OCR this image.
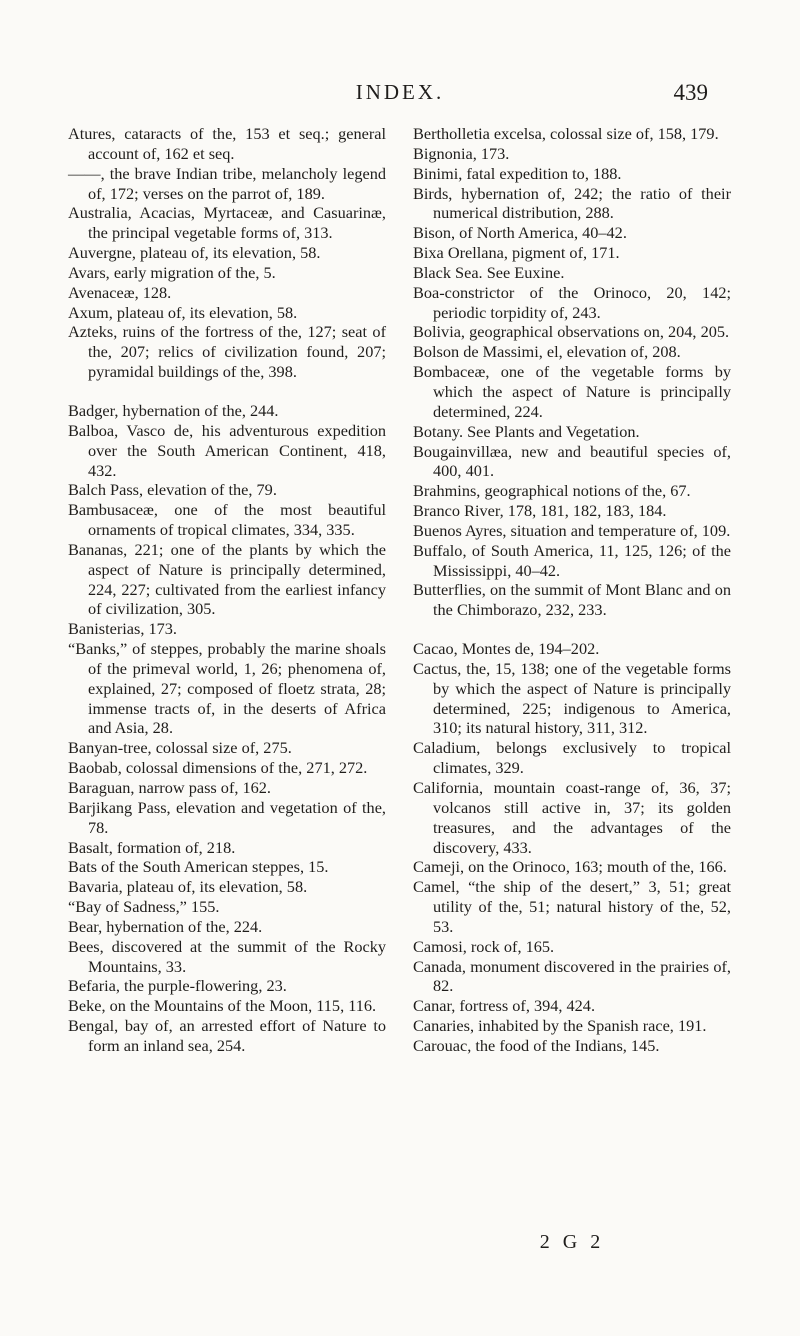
INDEX.	439
Atures, cataracts of the, 153 et seq.; general account of, 162 et seq.
——, the brave Indian tribe, melancholy legend of, 172; verses on the parrot of, 189.
Australia, Acacias, Myrtaceæ, and Casuarinæ, the principal vegetable forms of, 313.
Auvergne, plateau of, its elevation, 58.
Avars, early migration of the, 5.
Avenaceæ, 128.
Axum, plateau of, its elevation, 58.
Azteks, ruins of the fortress of the, 127; seat of the, 207; relics of civilization found, 207; pyramidal buildings of the, 398.
Badger, hybernation of the, 244.
Balboa, Vasco de, his adventurous expedition over the South American Continent, 418, 432.
Balch Pass, elevation of the, 79.
Bambusaceæ, one of the most beautiful ornaments of tropical climates, 334, 335.
Bananas, 221; one of the plants by which the aspect of Nature is principally determined, 224, 227; cultivated from the earliest infancy of civilization, 305.
Banisterias, 173.
“Banks,” of steppes, probably the marine shoals of the primeval world, 1, 26; phenomena of, explained, 27; composed of floetz strata, 28; immense tracts of, in the deserts of Africa and Asia, 28.
Banyan-tree, colossal size of, 275.
Baobab, colossal dimensions of the, 271, 272.
Baraguan, narrow pass of, 162.
Barjikang Pass, elevation and vegetation of the, 78.
Basalt, formation of, 218.
Bats of the South American steppes, 15.
Bavaria, plateau of, its elevation, 58.
“Bay of Sadness,” 155.
Bear, hybernation of the, 224.
Bees, discovered at the summit of the Rocky Mountains, 33.
Befaria, the purple-flowering, 23.
Beke, on the Mountains of the Moon, 115, 116.
Bengal, bay of, an arrested effort of Nature to form an inland sea, 254.
Bertholletia excelsa, colossal size of, 158, 179.
Bignonia, 173.
Binimi, fatal expedition to, 188.
Birds, hybernation of, 242; the ratio of their numerical distribution, 288.
Bison, of North America, 40–42.
Bixa Orellana, pigment of, 171.
Black Sea. See Euxine.
Boa-constrictor of the Orinoco, 20, 142; periodic torpidity of, 243.
Bolivia, geographical observations on, 204, 205.
Bolson de Massimi, el, elevation of, 208.
Bombaceæ, one of the vegetable forms by which the aspect of Nature is principally determined, 224.
Botany. See Plants and Vegetation.
Bougainvillæa, new and beautiful species of, 400, 401.
Brahmins, geographical notions of the, 67.
Branco River, 178, 181, 182, 183, 184.
Buenos Ayres, situation and temperature of, 109.
Buffalo, of South America, 11, 125, 126; of the Mississippi, 40–42.
Butterflies, on the summit of Mont Blanc and on the Chimborazo, 232, 233.
Cacao, Montes de, 194–202.
Cactus, the, 15, 138; one of the vegetable forms by which the aspect of Nature is principally determined, 225; indigenous to America, 310; its natural history, 311, 312.
Caladium, belongs exclusively to tropical climates, 329.
California, mountain coast-range of, 36, 37; volcanos still active in, 37; its golden treasures, and the advantages of the discovery, 433.
Cameji, on the Orinoco, 163; mouth of the, 166.
Camel, “the ship of the desert,” 3, 51; great utility of the, 51; natural history of the, 52, 53.
Camosi, rock of, 165.
Canada, monument discovered in the prairies of, 82.
Canar, fortress of, 394, 424.
Canaries, inhabited by the Spanish race, 191.
Carouac, the food of the Indians, 145.
2 G 2
